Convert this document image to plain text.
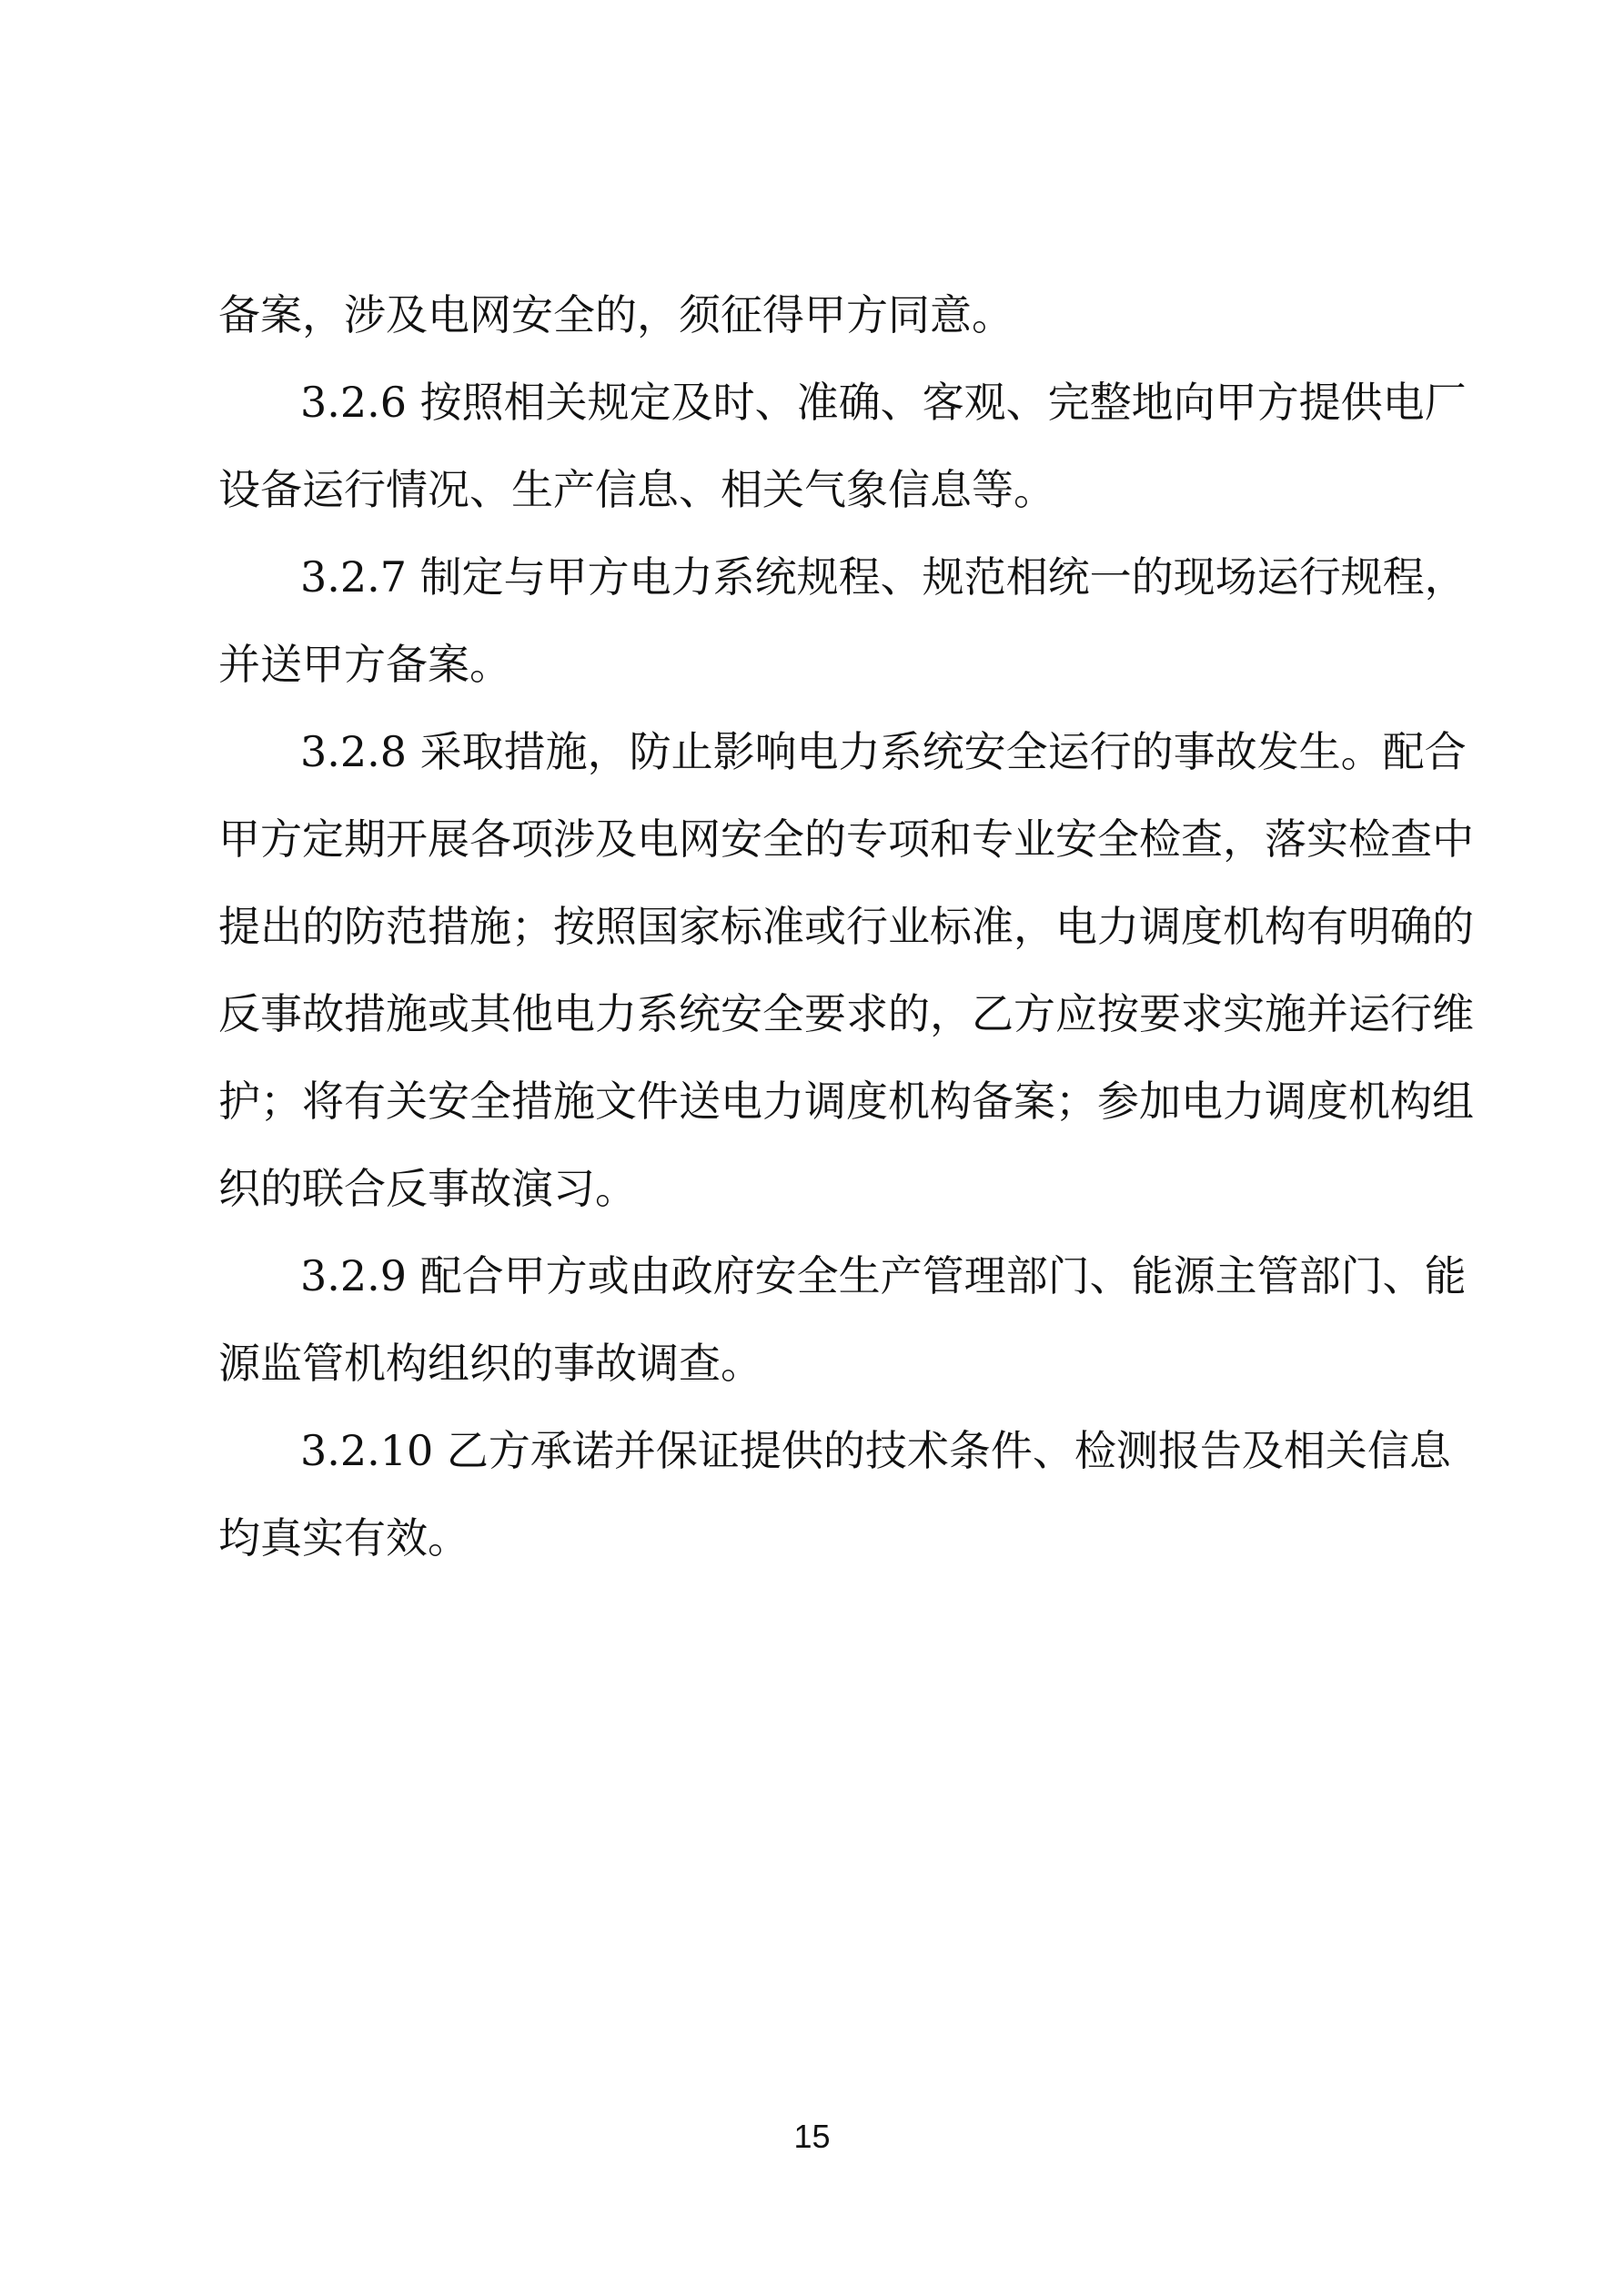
备案，涉及电网安全的，须征得甲方同意。
3.2.6 按照相关规定及时、准确、客观、完整地向甲方提供电厂
设备运行情况、生产信息、相关气象信息等。
3.2.7 制定与甲方电力系统规程、规范相统一的现场运行规程，
并送甲方备案。
3.2.8 采取措施，防止影响电力系统安全运行的事故发生。配合
甲方定期开展各项涉及电网安全的专项和专业安全检查，落实检查中
提出的防范措施；按照国家标准或行业标准，电力调度机构有明确的
反事故措施或其他电力系统安全要求的，乙方应按要求实施并运行维
护；将有关安全措施文件送电力调度机构备案；参加电力调度机构组
织的联合反事故演习。
3.2.9 配合甲方或由政府安全生产管理部门、能源主管部门、能
源监管机构组织的事故调查。
3.2.10 乙方承诺并保证提供的技术条件、检测报告及相关信息
均真实有效。
15
